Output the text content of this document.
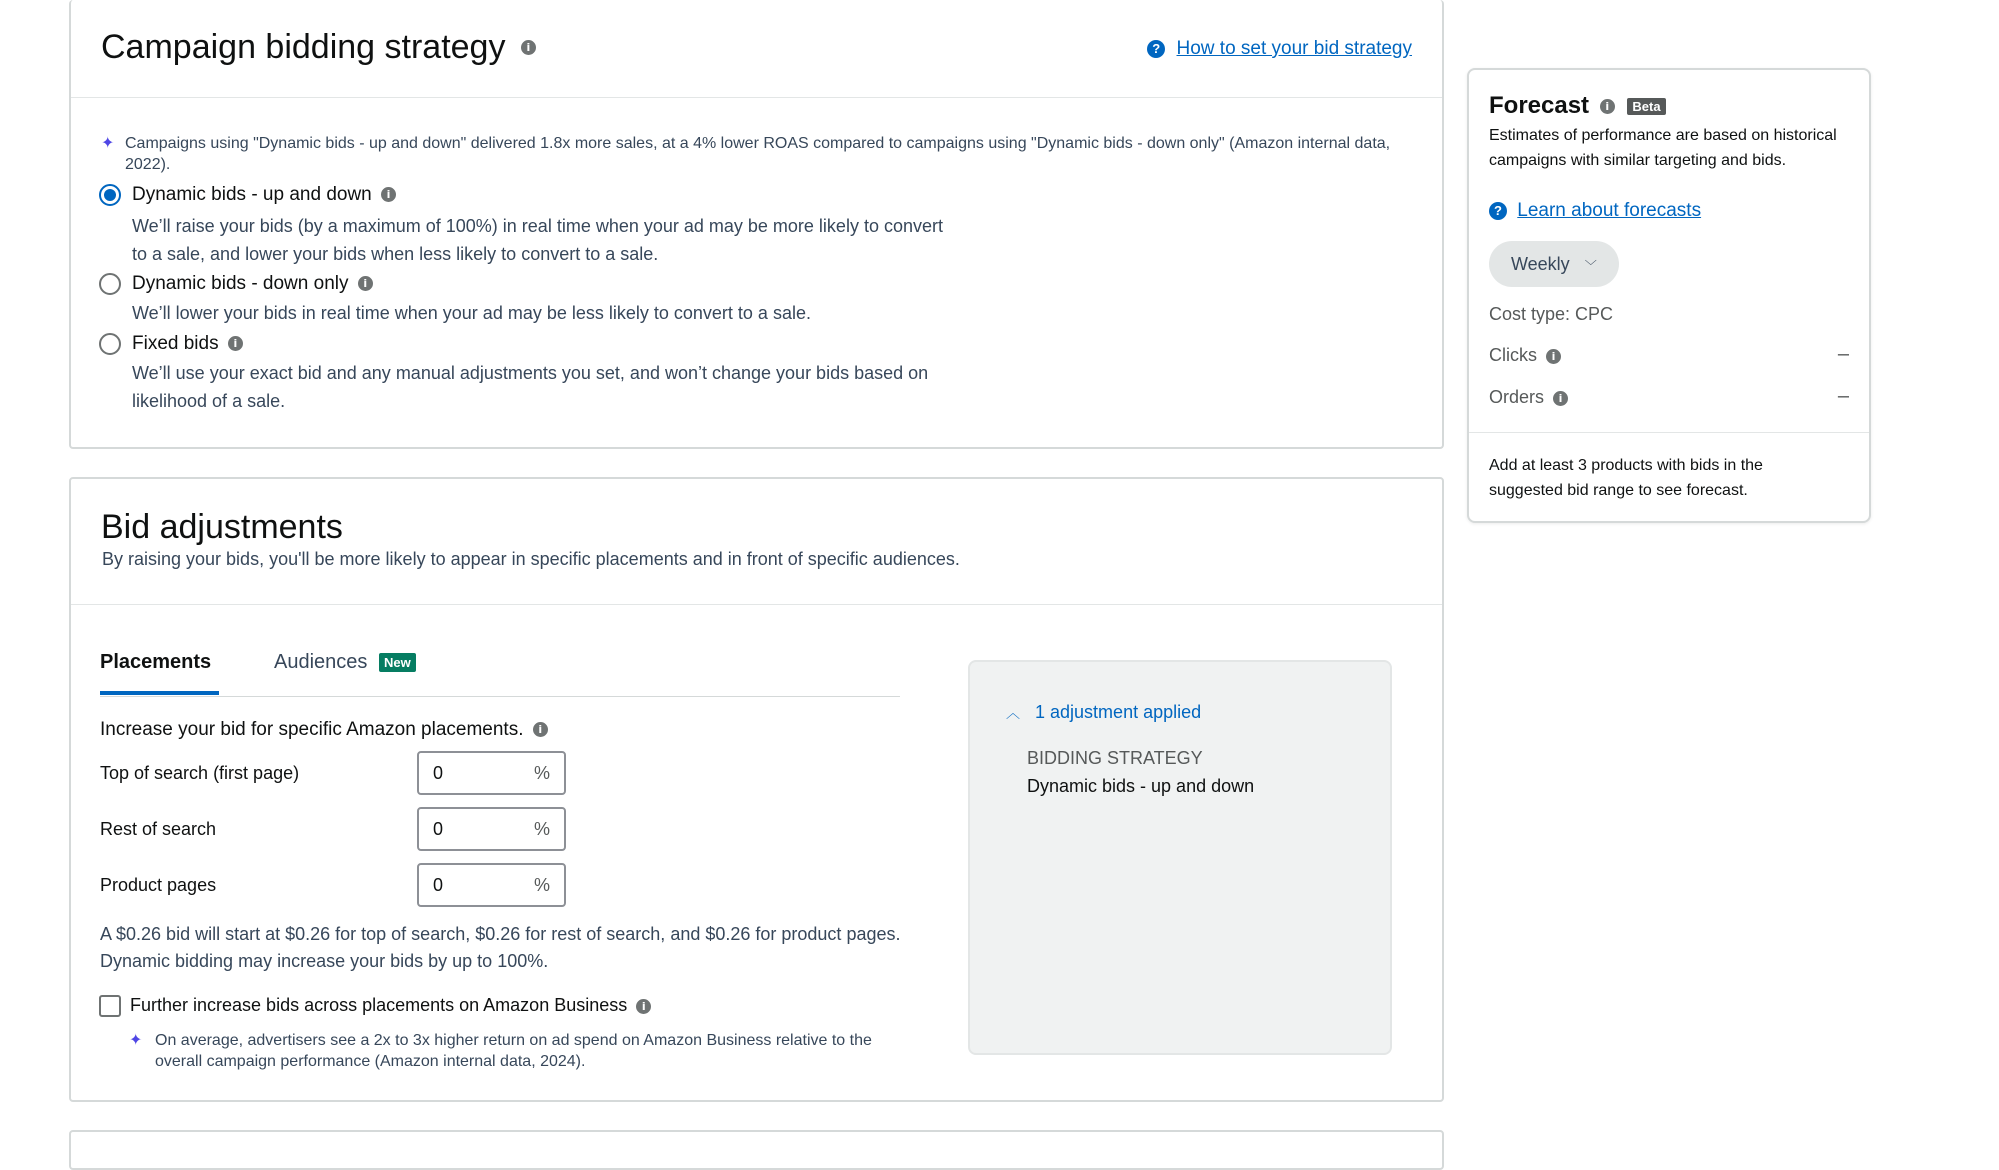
Campaign bidding strategy i	? How to set your bid strategy
✦ Campaigns using "Dynamic bids - up and down" delivered 1.8x more sales, at a 4% lower ROAS compared to campaigns using "Dynamic bids - down only" (Amazon internal data, 2022).
Dynamic bids - up and down i
We’ll raise your bids (by a maximum of 100%) in real time when your ad may be more likely to convert
to a sale, and lower your bids when less likely to convert to a sale.
Dynamic bids - down only i
We’ll lower your bids in real time when your ad may be less likely to convert to a sale.
Fixed bids i
We’ll use your exact bid and any manual adjustments you set, and won’t change your bids based on
likelihood of a sale.
Bid adjustments
By raising your bids, you'll be more likely to appear in specific placements and in front of specific audiences.
Placements	Audiences New
Increase your bid for specific Amazon placements. i
Top of search (first page)
0	%
Rest of search
0	%
Product pages
0	%
A $0.26 bid will start at $0.26 for top of search, $0.26 for rest of search, and $0.26 for product pages.
Dynamic bidding may increase your bids by up to 100%.
Further increase bids across placements on Amazon Business i
✦ On average, advertisers see a 2x to 3x higher return on ad spend on Amazon Business relative to the overall campaign performance (Amazon internal data, 2024).
︿ 1 adjustment applied
BIDDING STRATEGY
Dynamic bids - up and down
Forecast i Beta
Estimates of performance are based on historical campaigns with similar targeting and bids.
? Learn about forecasts
Weekly ﹀
Cost type: CPC
Clicks i	–
Orders i	–
Add at least 3 products with bids in the suggested bid range to see forecast.
